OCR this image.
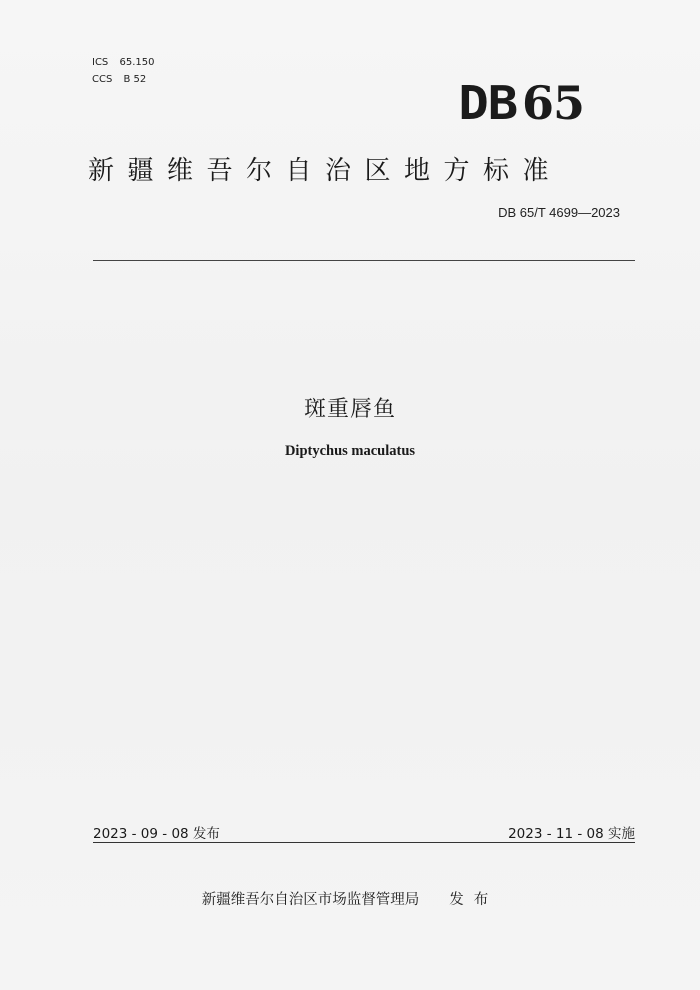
ICS 65.150
CCS B 52	DB 65
新疆维吾尔自治区地方标准
DB 65/T 4699—2023
斑重唇鱼
Diptychus maculatus
2023 - 09 - 08 发布	2023 - 11 - 08 实施
新疆维吾尔自治区市场监督管理局 发布
